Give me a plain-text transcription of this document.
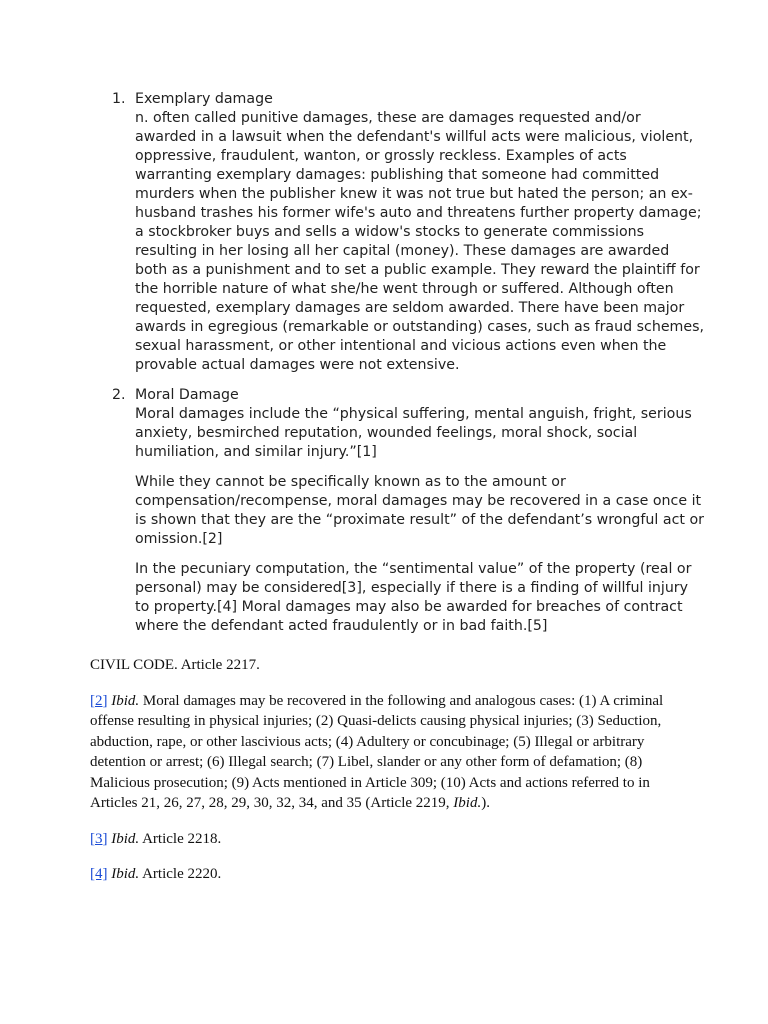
1. Exemplary damage

n. often called punitive damages, these are damages requested and/or awarded in a lawsuit when the defendant's willful acts were malicious, violent, oppressive, fraudulent, wanton, or grossly reckless. Examples of acts warranting exemplary damages: publishing that someone had committed murders when the publisher knew it was not true but hated the person; an ex-husband trashes his former wife's auto and threatens further property damage; a stockbroker buys and sells a widow's stocks to generate commissions resulting in her losing all her capital (money). These damages are awarded both as a punishment and to set a public example. They reward the plaintiff for the horrible nature of what she/he went through or suffered. Although often requested, exemplary damages are seldom awarded. There have been major awards in egregious (remarkable or outstanding) cases, such as fraud schemes, sexual harassment, or other intentional and vicious actions even when the provable actual damages were not extensive.

2. Moral Damage

Moral damages include the “physical suffering, mental anguish, fright, serious anxiety, besmirched reputation, wounded feelings, moral shock, social humiliation, and similar injury.”[1]

While they cannot be specifically known as to the amount or compensation/recompense, moral damages may be recovered in a case once it is shown that they are the “proximate result” of the defendant’s wrongful act or omission.[2]

In the pecuniary computation, the “sentimental value” of the property (real or personal) may be considered[3], especially if there is a finding of willful injury to property.[4] Moral damages may also be awarded for breaches of contract where the defendant acted fraudulently or in bad faith.[5]

CIVIL CODE. Article 2217.

[2] Ibid. Moral damages may be recovered in the following and analogous cases: (1) A criminal offense resulting in physical injuries; (2) Quasi-delicts causing physical injuries; (3) Seduction, abduction, rape, or other lascivious acts; (4) Adultery or concubinage; (5) Illegal or arbitrary detention or arrest; (6) Illegal search; (7) Libel, slander or any other form of defamation; (8) Malicious prosecution; (9) Acts mentioned in Article 309; (10) Acts and actions referred to in Articles 21, 26, 27, 28, 29, 30, 32, 34, and 35 (Article 2219, Ibid.).

[3] Ibid. Article 2218.

[4] Ibid. Article 2220.
